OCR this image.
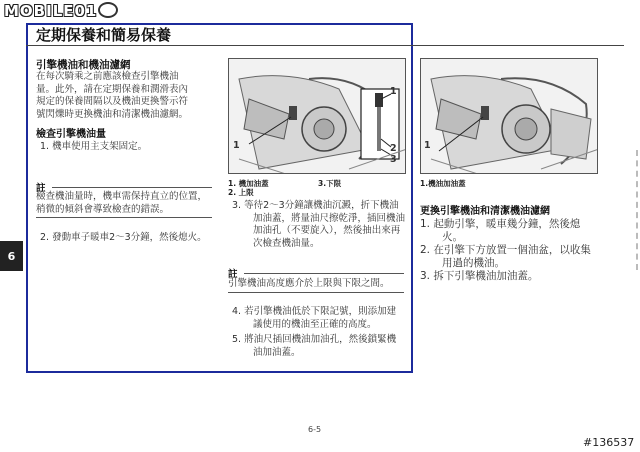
MOBILE01
定期保養和簡易保養
6
引擎機油和機油濾網
在每次騎乘之前應該檢查引擎機油
量。此外，請在定期保養和潤滑表內
規定的保養間隔以及機油更換警示符
號閃爍時更換機油和清潔機油濾網。
檢查引擎機油量
1. 機車使用主支架固定。
註
檢查機油量時，機車需保持直立的位置，
稍微的傾斜會導致檢查的錯誤。
2. 發動車子暖車2～3分鐘，然後熄火。
1
2
3
1
1. 機加油蓋	3.下限
2. 上限
3. 等待2～3分鐘讓機油沉澱，折下機油
加油蓋，將量油尺擦乾淨，插回機油
加油孔（不要旋入），然後抽出來再
次檢查機油量。
註
引擎機油高度應介於上限與下限之間。
4. 若引擎機油低於下限記號，則添加建
議使用的機油至正確的高度。
5. 將油尺插回機油加油孔，然後鎖緊機
油加油蓋。
1
1.機油加油蓋
更換引擎機油和清潔機油濾網
1. 起動引擎，暖車幾分鐘，然後熄
火。
2. 在引擎下方放置一個油盆，以收集
用過的機油。
3. 拆下引擎機油加油蓋。
6-5
#136537
